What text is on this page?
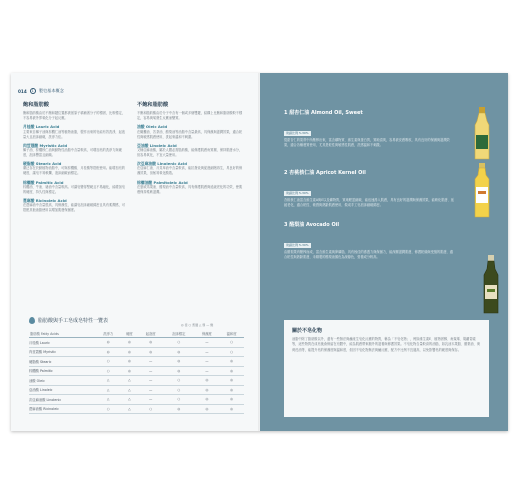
014	1	製皂基本概念
飽和脂肪酸
飽和脂肪酸由於不飽和鍵位置都被氫原子填補著分子的穩固，比較穩定，不容易被外界氧化分子起反應。
月桂酸 Lauric Acid
主要來自椰子油與棕櫚仁油等植物油脂，製作出來的皂能有效洗淨，起泡量大且泡沫細緻，洗淨力佳。
肉荳蔻酸 Myristic Acid
椰子油、棕櫚核仁油與動物性油脂中含量較高，可增加皂的洗淨力與硬度，泡沫豐富且細緻。
硬脂酸 Stearic Acid
廣泛存在於動植物油脂中，可與棕櫚酸、月桂酸等搭配使用。能增加皂的硬度，讓皂不易軟爛，泡沫細緻而穩定。
棕櫚酸 Palmitic Acid
棕櫚油、牛油、豬油中含量較高。可讓皂變得堅硬且不易融化，能增加皂的硬度，持久性與穩定。
蓖麻酸 Ricinoleic Acid
在蓖麻油中含量很高，具保濕性，能讓皂泡沫細緻綿密且具有柔潤感，可搭配其他油脂使用以增加肌膚保濕度。
不飽和脂肪酸
不飽和脂肪酸由於分子中含有一個或多個雙鍵，結構上比飽和脂肪酸較不穩定，容易與氧發生反應而變質。
油酸 Oleic Acid
在橄欖油、苦茶油、酪梨油等油脂中含量最高，具保濕與滋潤效果，適合乾性與敏感肌膚使用，洗起來溫和不刺激。
亞油酸 Linoleic Acid
又稱亞麻油酸，屬於人體必需脂肪酸，能修護肌膚角質層，保持肌膚水分，但容易氧化，不宜大量使用。
次亞麻油酸 Linolenic Acid
在亞麻仁油、月見草油中含量較高，能抗發炎與促進細胞再生，具良好的保濕效果，但極易氧化酸敗。
棕櫚油酸 Palmitoleic Acid
在夏威夷果油、酪梨油中含量較高，具有修護肌膚與延緩老化的功效，使肌膚保持柔軟滋潤。
脂肪酸與手工皂成皂特性一覽表
◎ 佳 ○ 普通 △ 弱 — 無
脂肪酸 Fatty Acids	洗淨力	硬度	起泡度	泡沫穩定	保濕度	溫和度
月桂酸 Lauric	◎	◎	◎	○	—	○
肉荳蔻酸 Myristic	◎	◎	◎	◎	—	○
硬脂酸 Stearic	○	◎	—	◎	—	◎
棕櫚酸 Palmitic	○	◎	—	◎	—	◎
油酸 Oleic	△	△	—	○	◎	◎
亞油酸 Linoleic	△	△	—	○	◎	◎
次亞麻油酸 Linolenic	△	△	—	○	◎	◎
蓖麻油酸 Ricinoleic	○	△	○	◎	◎	◎
1 甜杏仁油 Almond Oil, Sweet
建議比例 5-30%
從甜杏仁的果實中所壓榨出來，富含礦物質、維生素與蛋白質，質地清爽，容易被皮膚吸收，具有良好的保濕與滋潤效果，適合各種膚質使用，尤其是乾性與敏感性肌膚，洗感溫和不刺激。
2 杏桃核仁油 Apricot Kernel Oil
建議比例 5-30%
杏桃核仁油富含維生素A與E以及礦物質，質地輕盈細緻，能迅速滲入肌膚，具有良好的滋潤與保濕效果，能軟化肌膚、延緩老化，適合乾性、敏感與熟齡肌膚使用，做成手工皂泡沫細緻綿密。
3 酪梨油 Avocado Oil
建議比例 5-30%
由酪梨果肉壓榨而成，富含維生素與卵磷脂，具有極佳的滲透力與保濕力，能深層滋潤肌膚，修護乾燥與受損的肌膚，適合乾性與熟齡肌膚，未精製的酪梨油顏色為深綠色，營養成分較高。
關於不皂化物
油脂中除了脂肪酸以外，還有一些無法與鹼產生皂化反應的物質，稱為「不皂化物」，例如維生素E、植物固醇、角鯊烯、胡蘿蔔素等，這些物質在成皂後會保留在皂體中，能為肌膚帶來額外的滋養與修護效果。不皂化物含量較高的油脂，如乳油木果脂、酪梨油、荷荷芭油等，能提升皂的保濕度與溫和度，但因不皂化物無法與鹼反應，配方中比例不宜過高，以免影響皂的硬度與保存。
